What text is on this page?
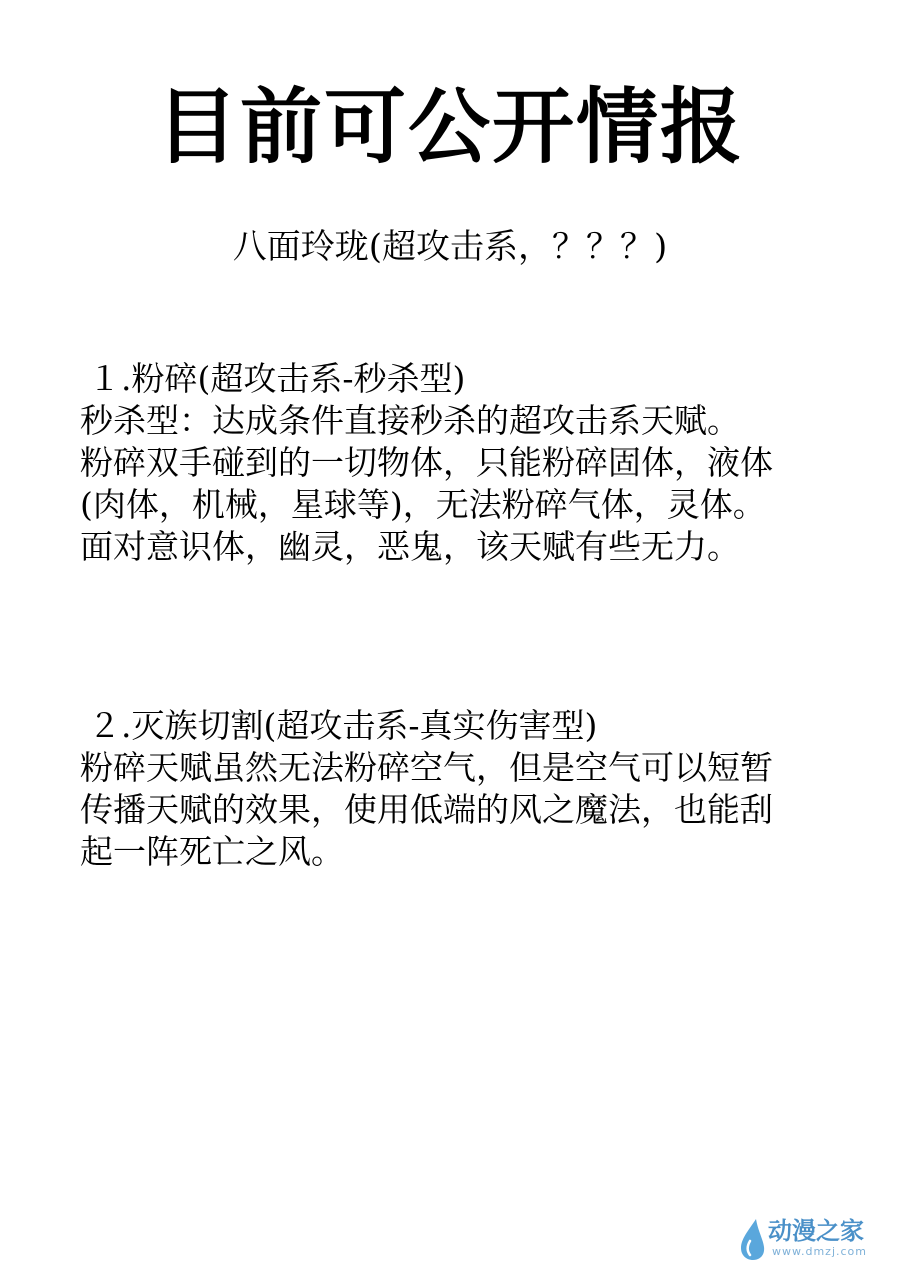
目前可公开情报

八面玲珑(超攻击系，？？？)

１.粉碎(超攻击系-秒杀型)

秒杀型：达成条件直接秒杀的超攻击系天赋。

粉碎双手碰到的一切物体，只能粉碎固体，液体

(肉体，机械，星球等)，无法粉碎气体，灵体。

面对意识体，幽灵，恶鬼，该天赋有些无力。

２.灭族切割(超攻击系-真实伤害型)

粉碎天赋虽然无法粉碎空气，但是空气可以短暂

传播天赋的效果，使用低端的风之魔法，也能刮

起一阵死亡之风。

动漫之家
www.dmzj.com
